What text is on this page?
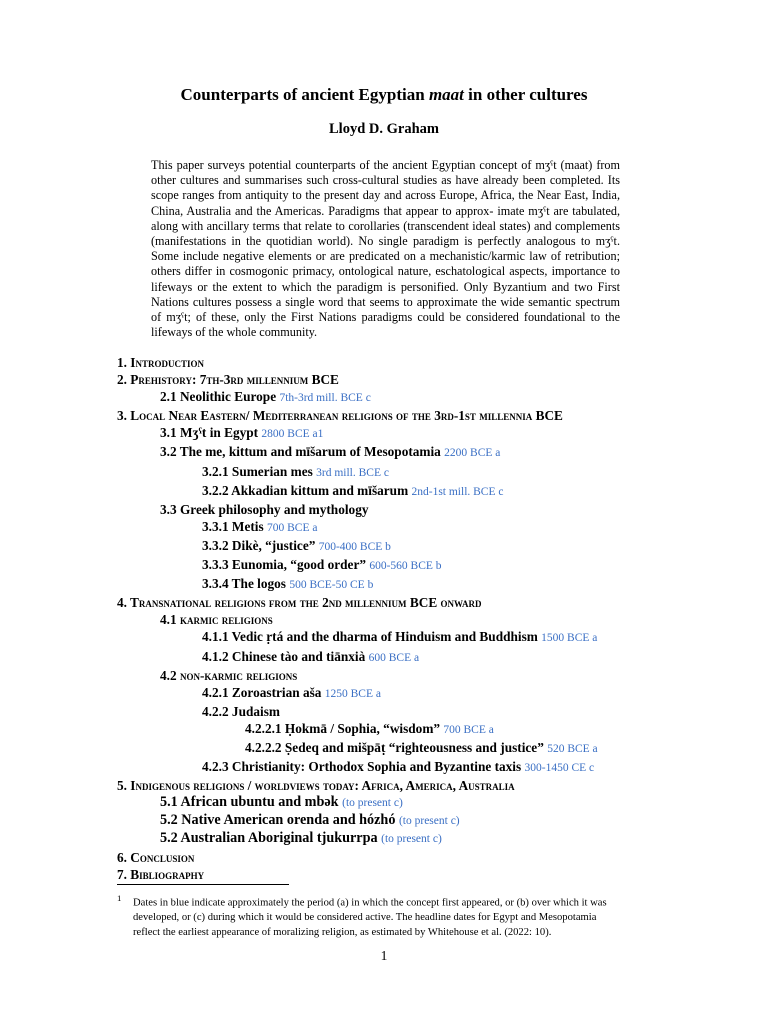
Counterparts of ancient Egyptian maat in other cultures
Lloyd D. Graham
This paper surveys potential counterparts of the ancient Egyptian concept of mʒˤt (maat) from other cultures and summarises such cross-cultural studies as have already been completed. Its scope ranges from antiquity to the present day and across Europe, Africa, the Near East, India, China, Australia and the Americas. Paradigms that appear to approx- imate mʒˤt are tabulated, along with ancillary terms that relate to corollaries (transcendent ideal states) and complements (manifestations in the quotidian world). No single paradigm is perfectly analogous to mʒˤt. Some include negative elements or are predicated on a mechanistic/karmic law of retribution; others differ in cosmogonic primacy, ontological nature, eschatological aspects, importance to lifeways or the extent to which the paradigm is personified. Only Byzantium and two First Nations cultures possess a single word that seems to approximate the wide semantic spectrum of mʒˤt; of these, only the First Nations paradigms could be considered foundational to the lifeways of the whole community.
1. Introduction
2. Prehistory: 7th-3rd millennium BCE
2.1 Neolithic Europe 7th-3rd mill. BCE c
3. Local Near Eastern/ Mediterranean religions of the 3rd-1st millennia BCE
3.1 Mʒˤt in Egypt 2800 BCE a1
3.2 The me, kittum and mīšarum of Mesopotamia 2200 BCE a
3.2.1 Sumerian mes 3rd mill. BCE c
3.2.2 Akkadian kittum and mīšarum 2nd-1st mill. BCE c
3.3 Greek philosophy and mythology
3.3.1 Metis 700 BCE a
3.3.2 Dikè, “justice” 700-400 BCE b
3.3.3 Eunomia, “good order” 600-560 BCE b
3.3.4 The logos 500 BCE-50 CE b
4. Transnational religions from the 2nd millennium BCE onward
4.1 karmic religions
4.1.1 Vedic ṛtá and the dharma of Hinduism and Buddhism 1500 BCE a
4.1.2 Chinese tào and tiānxià 600 BCE a
4.2 non-karmic religions
4.2.1 Zoroastrian aša 1250 BCE a
4.2.2 Judaism
4.2.2.1 Ḥokmā / Sophia, “wisdom” 700 BCE a
4.2.2.2 Ṣedeq and mišpāṭ “righteousness and justice” 520 BCE a
4.2.3 Christianity: Orthodox Sophia and Byzantine taxis 300-1450 CE c
5. Indigenous religions / worldviews today: Africa, America, Australia
5.1 African ubuntu and mbək (to present c)
5.2 Native American orenda and hózhó (to present c)
5.2 Australian Aboriginal tjukurrpa (to present c)
6. Conclusion
7. Bibliography
$^1$ Dates in blue indicate approximately the period (a) in which the concept first appeared, or (b) over which it was
developed, or (c) during which it would be considered active. The headline dates for Egypt and Mesopotamia
reflect the earliest appearance of moralizing religion, as estimated by Whitehouse et al. (2022: 10).
1
